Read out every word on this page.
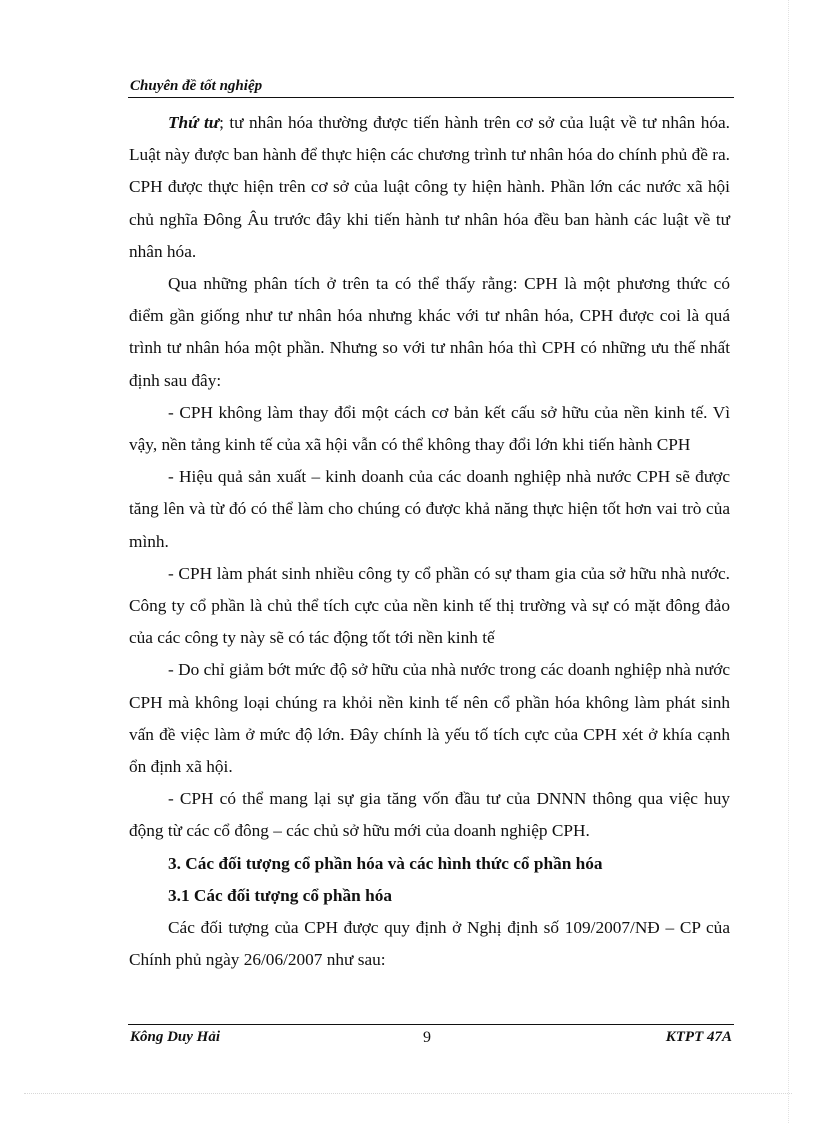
Chuyên đề tốt nghiệp

Thứ tư; tư nhân hóa thường được tiến hành trên cơ sở của luật về tư nhân hóa. Luật này được ban hành để thực hiện các chương trình tư nhân hóa do chính phủ đề ra. CPH được thực hiện trên cơ sở của luật công ty hiện hành. Phần lớn các nước xã hội chủ nghĩa Đông Âu trước đây khi tiến hành tư nhân hóa đều ban hành các luật về tư nhân hóa.

Qua những phân tích ở trên ta có thể thấy rằng: CPH là một phương thức có điểm gần giống như tư nhân hóa nhưng khác với tư nhân hóa, CPH được coi là quá trình tư nhân hóa một phần. Nhưng so với tư nhân hóa thì CPH có những ưu thế nhất định sau đây:

- CPH không làm thay đổi một cách cơ bản kết cấu sở hữu của nền kinh tế. Vì vậy, nền tảng kinh tế của xã hội vẫn có thể không thay đổi lớn khi tiến hành CPH

- Hiệu quả sản xuất – kinh doanh của các doanh nghiệp nhà nước CPH sẽ được tăng lên và từ đó có thể làm cho chúng có được khả năng thực hiện tốt hơn vai trò của mình.

- CPH làm phát sinh nhiều công ty cổ phần có sự tham gia của sở hữu nhà nước. Công ty cổ phần là chủ thể tích cực của nền kinh tế thị trường và sự có mặt đông đảo của các công ty này sẽ có tác động tốt tới nền kinh tế

- Do chỉ giảm bớt mức độ sở hữu của nhà nước trong các doanh nghiệp nhà nước CPH mà không loại chúng ra khỏi nền kinh tế nên cổ phần hóa không làm phát sinh vấn đề việc làm ở mức độ lớn. Đây chính là yếu tố tích cực của CPH xét ở khía cạnh ổn định xã hội.

- CPH có thể mang lại sự gia tăng vốn đầu tư của DNNN thông qua việc huy động từ các cổ đông – các chủ sở hữu mới của doanh nghiệp CPH.

3. Các đối tượng cổ phần hóa và các hình thức cổ phần hóa

3.1 Các đối tượng cổ phần hóa

Các đối tượng của CPH được quy định ở Nghị định số 109/2007/NĐ – CP của Chính phủ ngày 26/06/2007 như sau:

Kông Duy Hải	9	KTPT 47A
